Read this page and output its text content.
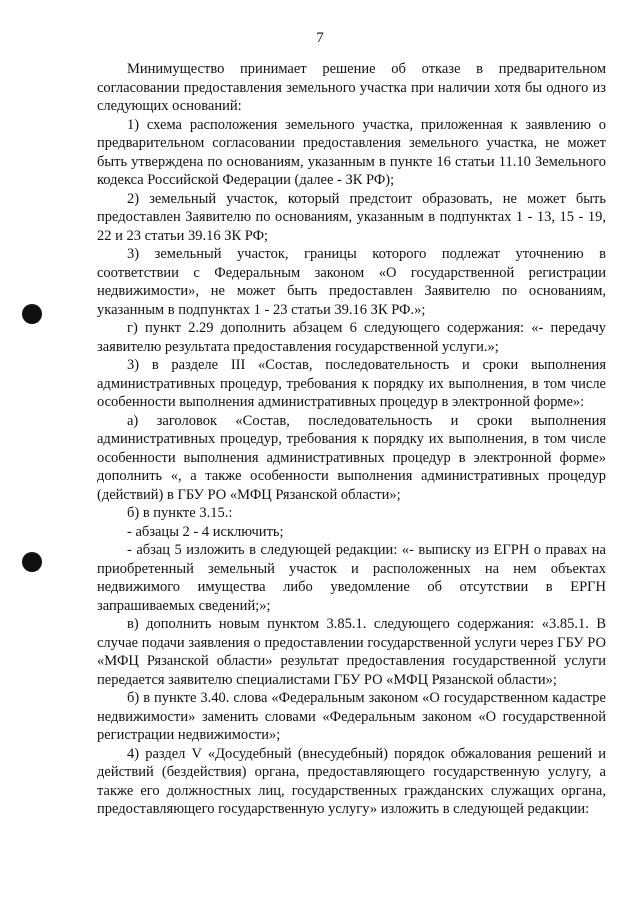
7

Минимущество принимает решение об отказе в предварительном согласовании предоставления земельного участка при наличии хотя бы одного из следующих оснований:

1) схема расположения земельного участка, приложенная к заявлению о предварительном согласовании предоставления земельного участка, не может быть утверждена по основаниям, указанным в пункте 16 статьи 11.10 Земельного кодекса Российской Федерации (далее - ЗК РФ);

2) земельный участок, который предстоит образовать, не может быть предоставлен Заявителю по основаниям, указанным в подпунктах 1 - 13, 15 - 19, 22 и 23 статьи 39.16 ЗК РФ;

3) земельный участок, границы которого подлежат уточнению в соответствии с Федеральным законом «О государственной регистрации недвижимости», не может быть предоставлен Заявителю по основаниям, указанным в подпунктах 1 - 23 статьи 39.16 ЗК РФ.»;

г) пункт 2.29 дополнить абзацем 6 следующего содержания: «- передачу заявителю результата предоставления государственной услуги.»;

3) в разделе III «Состав, последовательность и сроки выполнения административных процедур, требования к порядку их выполнения, в том числе особенности выполнения административных процедур в электронной форме»:

а) заголовок «Состав, последовательность и сроки выполнения административных процедур, требования к порядку их выполнения, в том числе особенности выполнения административных процедур в электронной форме» дополнить «, а также особенности выполнения административных процедур (действий) в ГБУ РО «МФЦ Рязанской области»;

б) в пункте 3.15.:

- абзацы 2 - 4 исключить;

- абзац 5 изложить в следующей редакции: «- выписку из ЕГРН о правах на приобретенный земельный участок и расположенных на нем объектах недвижимого имущества либо уведомление об отсутствии в ЕРГН запрашиваемых сведений;»;

в) дополнить новым пунктом 3.85.1. следующего содержания: «3.85.1. В случае подачи заявления о предоставлении государственной услуги через ГБУ РО «МФЦ Рязанской области» результат предоставления государственной услуги передается заявителю специалистами ГБУ РО «МФЦ Рязанской области»;

б) в пункте 3.40. слова «Федеральным законом «О государственном кадастре недвижимости» заменить словами «Федеральным законом «О государственной регистрации недвижимости»;

4) раздел V «Досудебный (внесудебный) порядок обжалования решений и действий (бездействия) органа, предоставляющего государственную услугу, а также его должностных лиц, государственных гражданских служащих органа, предоставляющего государственную услугу» изложить в следующей редакции:
